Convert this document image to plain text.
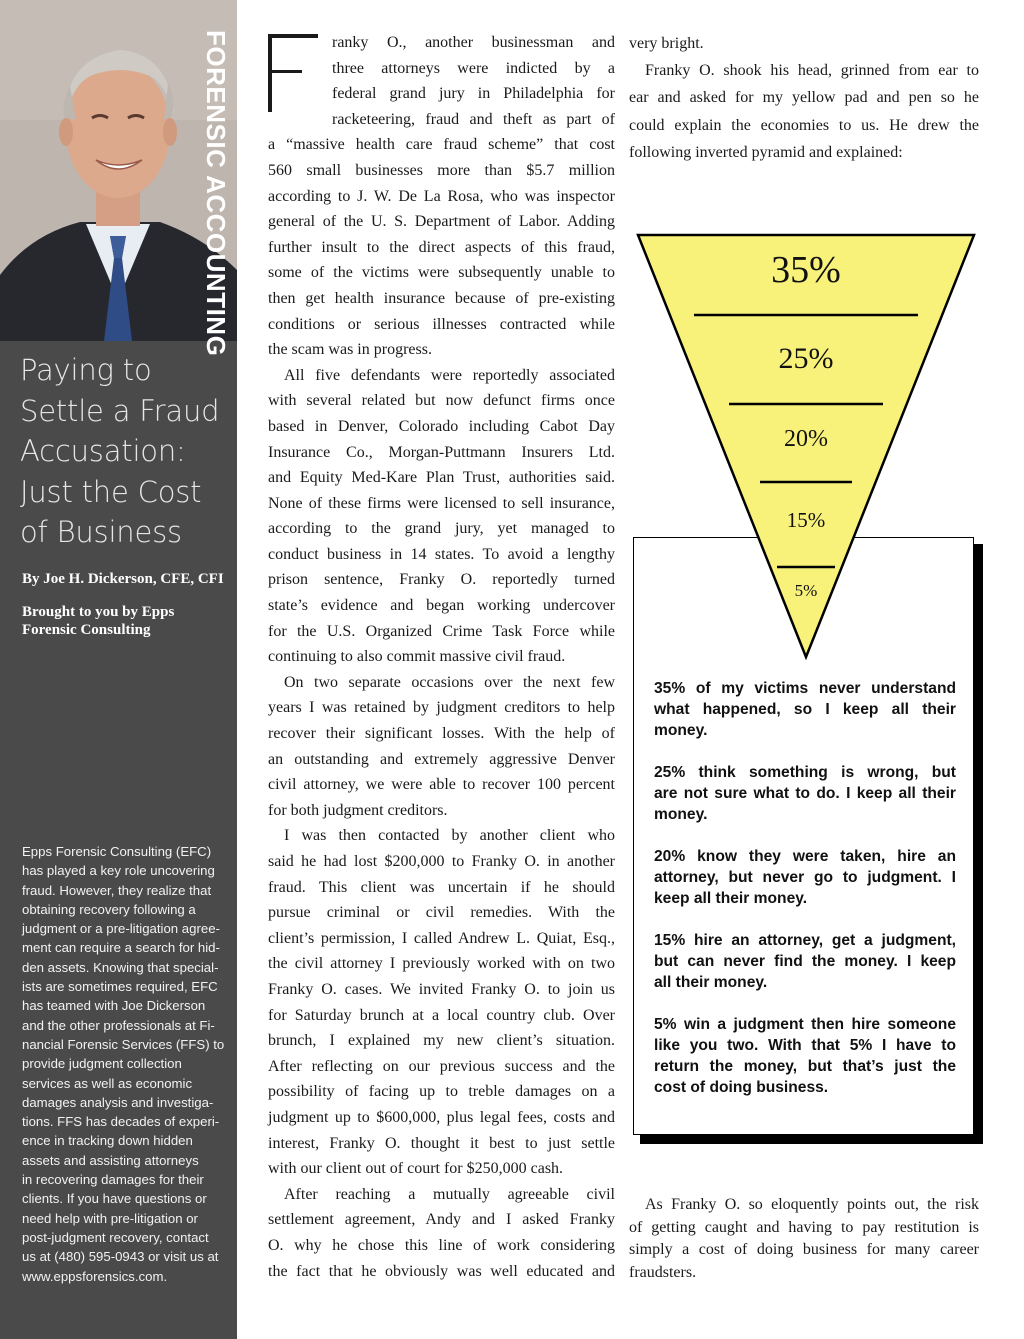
FORENSIC ACCOUNTING
Paying to
Settle a Fraud
Accusation:
Just the Cost
of Business
By Joe H. Dickerson, CFE, CFI
Brought to you by Epps
Forensic Consulting
Epps Forensic Consulting (EFC)
has played a key role uncovering
fraud. However, they realize that
obtaining recovery following a
judgment or a pre-litigation agree-
ment can require a search for hid-
den assets. Knowing that special-
ists are sometimes required, EFC
has teamed with Joe Dickerson
and the other professionals at Fi-
nancial Forensic Services (FFS) to
provide judgment collection
services as well as economic
damages analysis and investiga-
tions. FFS has decades of experi-
ence in tracking down hidden
assets and assisting attorneys
in recovering damages for their
clients. If you have questions or
need help with pre-litigation or
post-judgment recovery, contact
us at (480) 595-0943 or visit us at
www.eppsforensics.com.
ranky O., another businessman and
three attorneys were indicted by a
federal grand jury in Philadelphia for
racketeering, fraud and theft as part of
a “massive health care fraud scheme” that cost
560 small businesses more than $5.7 million
according to J. W. De La Rosa, who was inspector
general of the U. S. Department of Labor. Adding
further insult to the direct aspects of this fraud,
some of the victims were subsequently unable to
then get health insurance because of pre-existing
conditions or serious illnesses contracted while
the scam was in progress.
All five defendants were reportedly associated
with several related but now defunct firms once
based in Denver, Colorado including Cabot Day
Insurance Co., Morgan-Puttmann Insurers Ltd.
and Equity Med-Kare Plan Trust, authorities said.
None of these firms were licensed to sell insurance,
according to the grand jury, yet managed to
conduct business in 14 states. To avoid a lengthy
prison sentence, Franky O. reportedly turned
state’s evidence and began working undercover
for the U.S. Organized Crime Task Force while
continuing to also commit massive civil fraud.
On two separate occasions over the next few
years I was retained by judgment creditors to help
recover their significant losses. With the help of
an outstanding and extremely aggressive Denver
civil attorney, we were able to recover 100 percent
for both judgment creditors.
I was then contacted by another client who
said he had lost $200,000 to Franky O. in another
fraud. This client was uncertain if he should
pursue criminal or civil remedies. With the
client’s permission, I called Andrew L. Quiat, Esq.,
the civil attorney I previously worked with on two
Franky O. cases. We invited Franky O. to join us
for Saturday brunch at a local country club. Over
brunch, I explained my new client’s situation.
After reflecting on our previous success and the
possibility of facing up to treble damages on a
judgment up to $600,000, plus legal fees, costs and
interest, Franky O. thought it best to just settle
with our client out of court for $250,000 cash.
After reaching a mutually agreeable civil
settlement agreement, Andy and I asked Franky
O. why he chose this line of work considering
the fact that he obviously was well educated and
very bright.
Franky O. shook his head, grinned from ear to
ear and asked for my yellow pad and pen so he
could explain the economies to us. He drew the
following inverted pyramid and explained:
35%
25%
20%
15%
5%
35% of my victims never understand
what happened, so I keep all their
money.
25% think something is wrong, but
are not sure what to do. I keep all their
money.
20% know they were taken, hire an
attorney, but never go to judgment. I
keep all their money.
15% hire an attorney, get a judgment,
but can never find the money. I keep
all their money.
5% win a judgment then hire someone
like you two. With that 5% I have to
return the money, but that’s just the
cost of doing business.
As Franky O. so eloquently points out, the risk
of getting caught and having to pay restitution is
simply a cost of doing business for many career
fraudsters.
